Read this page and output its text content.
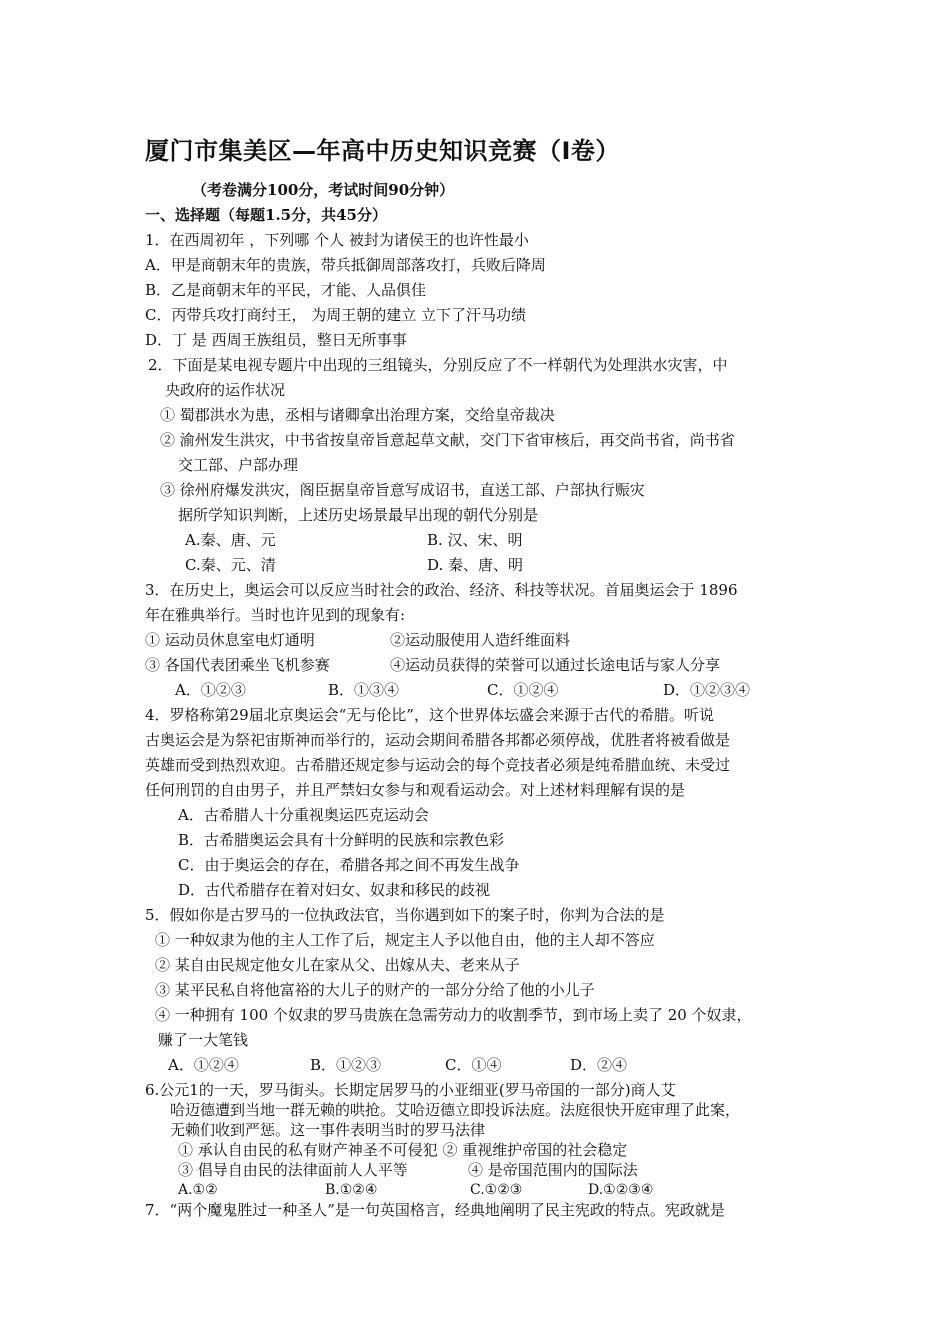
厦门市集美区—年高中历史知识竞赛（Ⅰ卷）
（考卷满分100分，考试时间90分钟）
一、选择题（每题1.5分，共45分）
1．在西周初年 ，下列哪 个人 被封为诸侯王的也许性最小
A．甲是商朝末年的贵族，带兵抵御周部落攻打，兵败后降周
B．乙是商朝末年的平民，才能、人品俱佳
C．丙带兵攻打商纣王， 为周王朝的建立 立下了汗马功绩
D．丁 是 西周王族组员，整日无所事事
2．下面是某电视专题片中出现的三组镜头，分别反应了不一样朝代为处理洪水灾害，中
央政府的运作状况
① 蜀郡洪水为患，丞相与诸卿拿出治理方案，交给皇帝裁决
② 渝州发生洪灾，中书省按皇帝旨意起草文献，交门下省审核后，再交尚书省，尚书省
交工部、户部办理
③ 徐州府爆发洪灾，阁臣据皇帝旨意写成诏书，直送工部、户部执行赈灾
据所学知识判断，上述历史场景最早出现的朝代分别是
A.秦、唐、元	B. 汉、宋、明
C.秦、元、清	D. 秦、唐、明
3．在历史上，奥运会可以反应当时社会的政治、经济、科技等状况。首届奥运会于 1896
年在雅典举行。当时也许见到的现象有:
① 运动员休息室电灯通明	②运动服使用人造纤维面料
③ 各国代表团乘坐飞机参赛	④运动员获得的荣誉可以通过长途电话与家人分享
A．①②③	B．①③④	C．①②④	D．①②③④
4．罗格称第29届北京奥运会“无与伦比”，这个世界体坛盛会来源于古代的希腊。听说
古奥运会是为祭祀宙斯神而举行的，运动会期间希腊各邦都必须停战，优胜者将被看做是
英雄而受到热烈欢迎。古希腊还规定参与运动会的每个竞技者必须是纯希腊血统、未受过
任何刑罚的自由男子，并且严禁妇女参与和观看运动会。对上述材料理解有误的是
A．古希腊人十分重视奥运匹克运动会
B．古希腊奥运会具有十分鲜明的民族和宗教色彩
C．由于奥运会的存在，希腊各邦之间不再发生战争
D．古代希腊存在着对妇女、奴隶和移民的歧视
5．假如你是古罗马的一位执政法官，当你遇到如下的案子时，你判为合法的是
① 一种奴隶为他的主人工作了后，规定主人予以他自由，他的主人却不答应
② 某自由民规定他女儿在家从父、出嫁从夫、老来从子
③ 某平民私自将他富裕的大儿子的财产的一部分分给了他的小儿子
④ 一种拥有 100 个奴隶的罗马贵族在急需劳动力的收割季节，到市场上卖了 20 个奴隶，
赚了一大笔钱
A．①②④	B．①②③	C．①④	D．②④
6.公元1的一天，罗马街头。长期定居罗马的小亚细亚(罗马帝国的一部分)商人艾
哈迈德遭到当地一群无赖的哄抢。艾哈迈德立即投诉法庭。法庭很快开庭审理了此案，
无赖们收到严惩。这一事件表明当时的罗马法律
① 承认自由民的私有财产神圣不可侵犯 ② 重视维护帝国的社会稳定
③ 倡导自由民的法律面前人人平等	④ 是帝国范围内的国际法
A.①②	B.①②④	C.①②③	D.①②③④
7．“两个魔鬼胜过一种圣人”是一句英国格言，经典地阐明了民主宪政的特点。宪政就是
